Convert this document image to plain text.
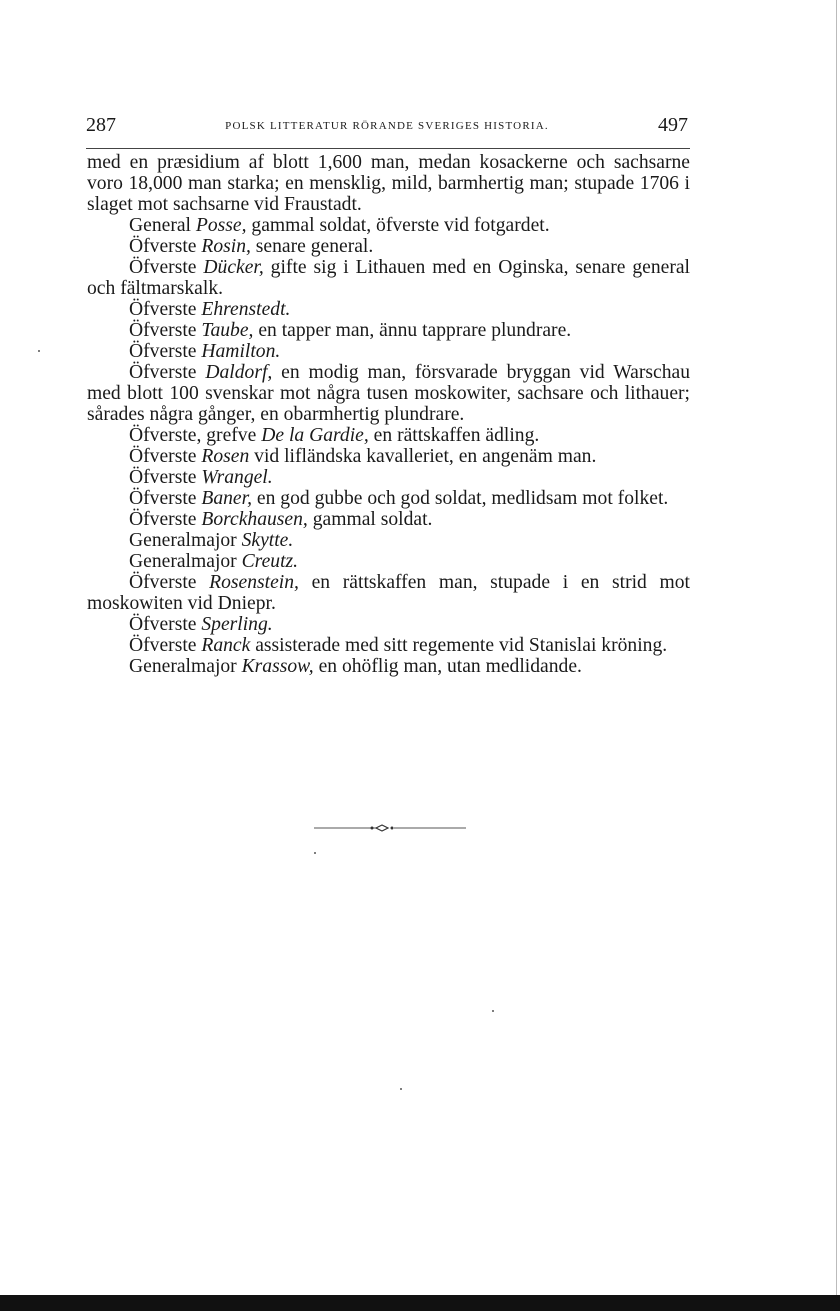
287	POLSK LITTERATUR RÖRANDE SVERIGES HISTORIA.	497

med en præsidium af blott 1,600 man, medan kosackerne och sachsarne voro 18,000 man starka; en mensklig, mild, barmhertig man; stupade 1706 i slaget mot sachsarne vid Fraustadt.

General Posse, gammal soldat, öfverste vid fotgardet.

Öfverste Rosin, senare general.

Öfverste Dücker, gifte sig i Lithauen med en Oginska, senare general och fältmarskalk.

Öfverste Ehrenstedt.

Öfverste Taube, en tapper man, ännu tapprare plundrare.

Öfverste Hamilton.

Öfverste Daldorf, en modig man, försvarade bryggan vid Warschau med blott 100 svenskar mot några tusen moskowiter, sachsare och lithauer; sårades några gånger, en obarmhertig plundrare.

Öfverste, grefve De la Gardie, en rättskaffen ädling.

Öfverste Rosen vid lifländska kavalleriet, en angenäm man.

Öfverste Wrangel.

Öfverste Baner, en god gubbe och god soldat, medlidsam mot folket.

Öfverste Borckhausen, gammal soldat.

Generalmajor Skytte.

Generalmajor Creutz.

Öfverste Rosenstein, en rättskaffen man, stupade i en strid mot moskowiten vid Dniepr.

Öfverste Sperling.

Öfverste Ranck assisterade med sitt regemente vid Stanislai kröning.

Generalmajor Krassow, en ohöflig man, utan medlidande.
